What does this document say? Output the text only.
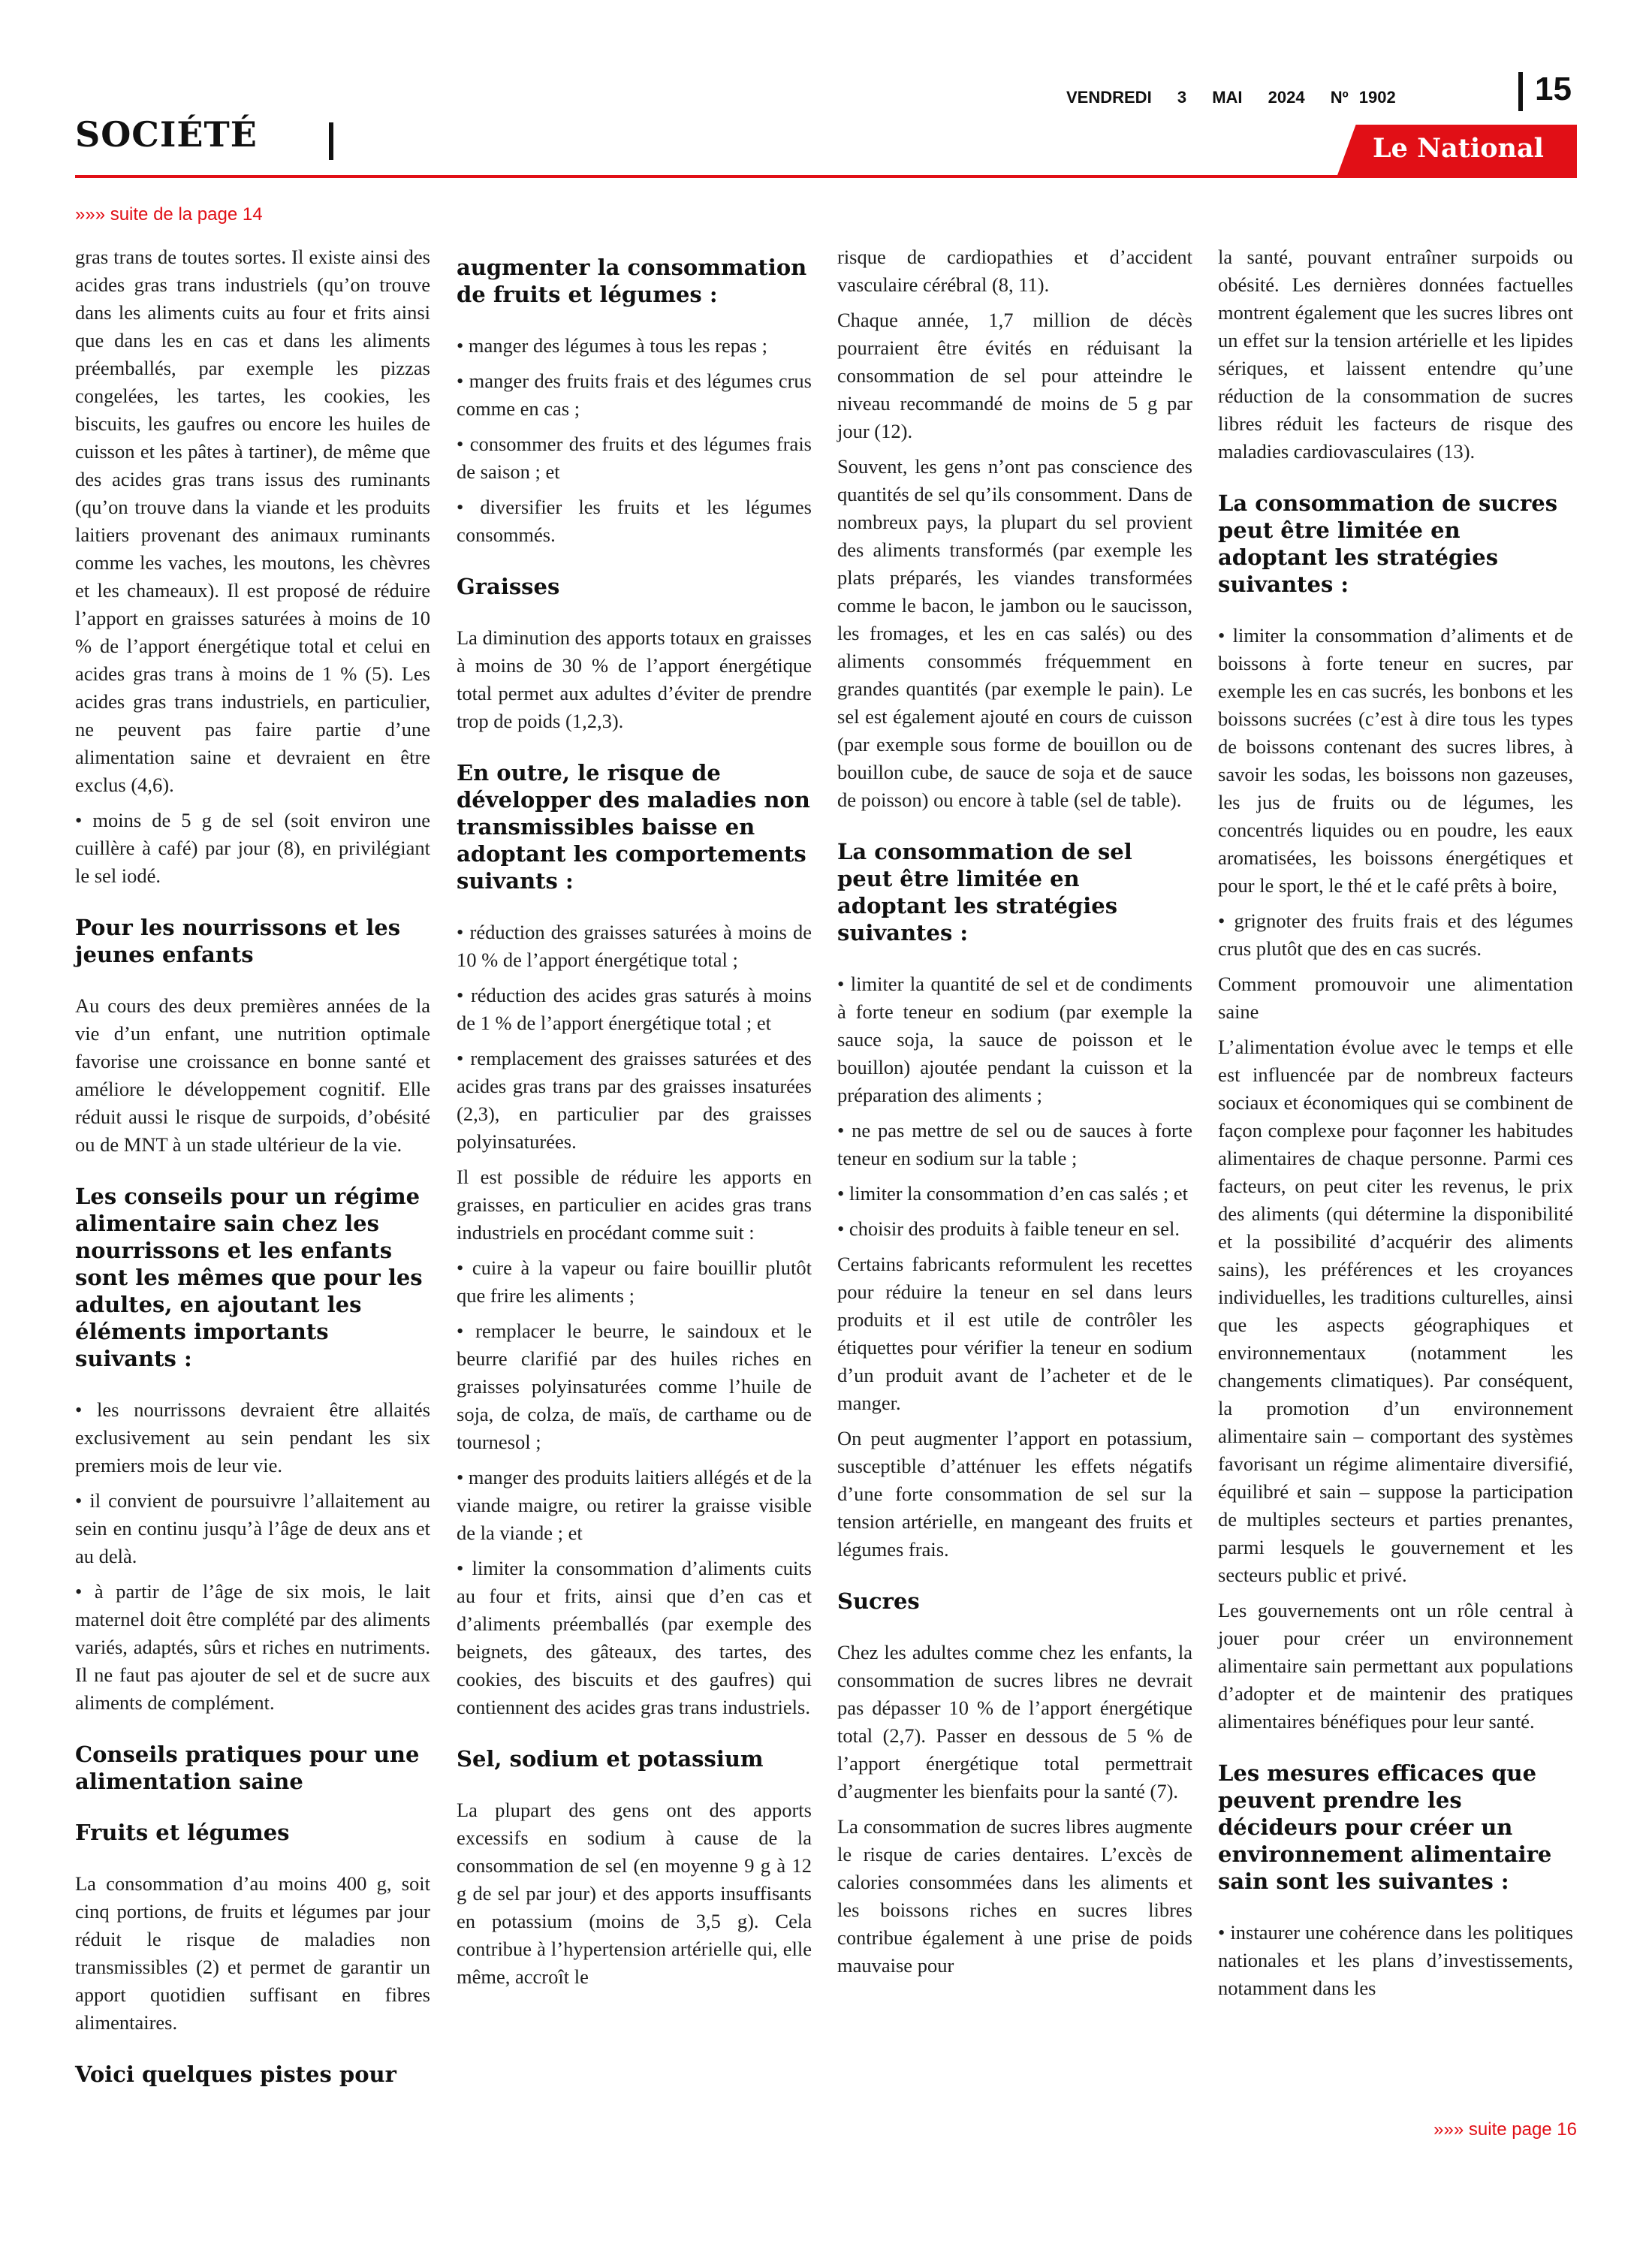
SOCIÉTÉ
VENDREDI 3 MAI 2024 Nº 1902	15
Le National
»»» suite de la page 14

gras trans de toutes sortes. Il existe ainsi des acides gras trans industriels (qu’on trouve dans les aliments cuits au four et frits ainsi que dans les en cas et dans les aliments préemballés, par exemple les pizzas congelées, les tartes, les cookies, les biscuits, les gaufres ou encore les huiles de cuisson et les pâtes à tartiner), de même que des acides gras trans issus des ruminants (qu’on trouve dans la viande et les produits laitiers provenant des animaux ruminants comme les vaches, les moutons, les chèvres et les chameaux). Il est proposé de réduire l’apport en graisses saturées à moins de 10 % de l’apport énergétique total et celui en acides gras trans à moins de 1 % (5). Les acides gras trans industriels, en particulier, ne peuvent pas faire partie d’une alimentation saine et devraient en être exclus (4,6).

• moins de 5 g de sel (soit environ une cuillère à café) par jour (8), en privilégiant le sel iodé.

Pour les nourrissons et les jeunes enfants

Au cours des deux premières années de la vie d’un enfant, une nutrition optimale favorise une croissance en bonne santé et améliore le développement cognitif. Elle réduit aussi le risque de surpoids, d’obésité ou de MNT à un stade ultérieur de la vie.

Les conseils pour un régime alimentaire sain chez les nourrissons et les enfants sont les mêmes que pour les adultes, en ajoutant les éléments importants suivants :

• les nourrissons devraient être allaités exclusivement au sein pendant les six premiers mois de leur vie.

• il convient de poursuivre l’allaitement au sein en continu jusqu’à l’âge de deux ans et au delà.

• à partir de l’âge de six mois, le lait maternel doit être complété par des aliments variés, adaptés, sûrs et riches en nutriments. Il ne faut pas ajouter de sel et de sucre aux aliments de complément.

Conseils pratiques pour une alimentation saine
Fruits et légumes

La consommation d’au moins 400 g, soit cinq portions, de fruits et légumes par jour réduit le risque de maladies non transmissibles (2) et permet de garantir un apport quotidien suffisant en fibres alimentaires.

Voici quelques pistes pour
augmenter la consommation de fruits et légumes :

• manger des légumes à tous les repas ;

• manger des fruits frais et des légumes crus comme en cas ;

• consommer des fruits et des légumes frais de saison ; et

• diversifier les fruits et les légumes consommés.

Graisses

La diminution des apports totaux en graisses à moins de 30 % de l’apport énergétique total permet aux adultes d’éviter de prendre trop de poids (1,2,3).

En outre, le risque de développer des maladies non transmissibles baisse en adoptant les comportements suivants :

• réduction des graisses saturées à moins de 10 % de l’apport énergétique total ;

• réduction des acides gras saturés à moins de 1 % de l’apport énergétique total ; et

• remplacement des graisses saturées et des acides gras trans par des graisses insaturées (2,3), en particulier par des graisses polyinsaturées.

Il est possible de réduire les apports en graisses, en particulier en acides gras trans industriels en procédant comme suit :

• cuire à la vapeur ou faire bouillir plutôt que frire les aliments ;

• remplacer le beurre, le saindoux et le beurre clarifié par des huiles riches en graisses polyinsaturées comme l’huile de soja, de colza, de maïs, de carthame ou de tournesol ;

• manger des produits laitiers allégés et de la viande maigre, ou retirer la graisse visible de la viande ; et

• limiter la consommation d’aliments cuits au four et frits, ainsi que d’en cas et d’aliments préemballés (par exemple des beignets, des gâteaux, des tartes, des cookies, des biscuits et des gaufres) qui contiennent des acides gras trans industriels.

Sel, sodium et potassium

La plupart des gens ont des apports excessifs en sodium à cause de la consommation de sel (en moyenne 9 g à 12 g de sel par jour) et des apports insuffisants en potassium (moins de 3,5 g). Cela contribue à l’hypertension artérielle qui, elle même, accroît le

risque de cardiopathies et d’accident vasculaire cérébral (8, 11).

Chaque année, 1,7 million de décès pourraient être évités en réduisant la consommation de sel pour atteindre le niveau recommandé de moins de 5 g par jour (12).

Souvent, les gens n’ont pas conscience des quantités de sel qu’ils consomment. Dans de nombreux pays, la plupart du sel provient des aliments transformés (par exemple les plats préparés, les viandes transformées comme le bacon, le jambon ou le saucisson, les fromages, et les en cas salés) ou des aliments consommés fréquemment en grandes quantités (par exemple le pain). Le sel est également ajouté en cours de cuisson (par exemple sous forme de bouillon ou de bouillon cube, de sauce de soja et de sauce de poisson) ou encore à table (sel de table).

La consommation de sel peut être limitée en adoptant les stratégies suivantes :

• limiter la quantité de sel et de condiments à forte teneur en sodium (par exemple la sauce soja, la sauce de poisson et le bouillon) ajoutée pendant la cuisson et la préparation des aliments ;

• ne pas mettre de sel ou de sauces à forte teneur en sodium sur la table ;

• limiter la consommation d’en cas salés ; et

• choisir des produits à faible teneur en sel.

Certains fabricants reformulent les recettes pour réduire la teneur en sel dans leurs produits et il est utile de contrôler les étiquettes pour vérifier la teneur en sodium d’un produit avant de l’acheter et de le manger.

On peut augmenter l’apport en potassium, susceptible d’atténuer les effets négatifs d’une forte consommation de sel sur la tension artérielle, en mangeant des fruits et légumes frais.

Sucres

Chez les adultes comme chez les enfants, la consommation de sucres libres ne devrait pas dépasser 10 % de l’apport énergétique total (2,7). Passer en dessous de 5 % de l’apport énergétique total permettrait d’augmenter les bienfaits pour la santé (7).

La consommation de sucres libres augmente le risque de caries dentaires. L’excès de calories consommées dans les aliments et les boissons riches en sucres libres contribue également à une prise de poids mauvaise pour

la santé, pouvant entraîner surpoids ou obésité. Les dernières données factuelles montrent également que les sucres libres ont un effet sur la tension artérielle et les lipides sériques, et laissent entendre qu’une réduction de la consommation de sucres libres réduit les facteurs de risque des maladies cardiovasculaires (13).

La consommation de sucres peut être limitée en adoptant les stratégies suivantes :

• limiter la consommation d’aliments et de boissons à forte teneur en sucres, par exemple les en cas sucrés, les bonbons et les boissons sucrées (c’est à dire tous les types de boissons contenant des sucres libres, à savoir les sodas, les boissons non gazeuses, les jus de fruits ou de légumes, les concentrés liquides ou en poudre, les eaux aromatisées, les boissons énergétiques et pour le sport, le thé et le café prêts à boire,

• grignoter des fruits frais et des légumes crus plutôt que des en cas sucrés.

Comment promouvoir une alimentation saine

L’alimentation évolue avec le temps et elle est influencée par de nombreux facteurs sociaux et économiques qui se combinent de façon complexe pour façonner les habitudes alimentaires de chaque personne. Parmi ces facteurs, on peut citer les revenus, le prix des aliments (qui détermine la disponibilité et la possibilité d’acquérir des aliments sains), les préférences et les croyances individuelles, les traditions culturelles, ainsi que les aspects géographiques et environnementaux (notamment les changements climatiques). Par conséquent, la promotion d’un environnement alimentaire sain – comportant des systèmes favorisant un régime alimentaire diversifié, équilibré et sain – suppose la participation de multiples secteurs et parties prenantes, parmi lesquels le gouvernement et les secteurs public et privé.

Les gouvernements ont un rôle central à jouer pour créer un environnement alimentaire sain permettant aux populations d’adopter et de maintenir des pratiques alimentaires bénéfiques pour leur santé.

Les mesures efficaces que peuvent prendre les décideurs pour créer un environnement alimentaire sain sont les suivantes :

• instaurer une cohérence dans les politiques nationales et les plans d’investissements, notamment dans les

»»» suite page 16
